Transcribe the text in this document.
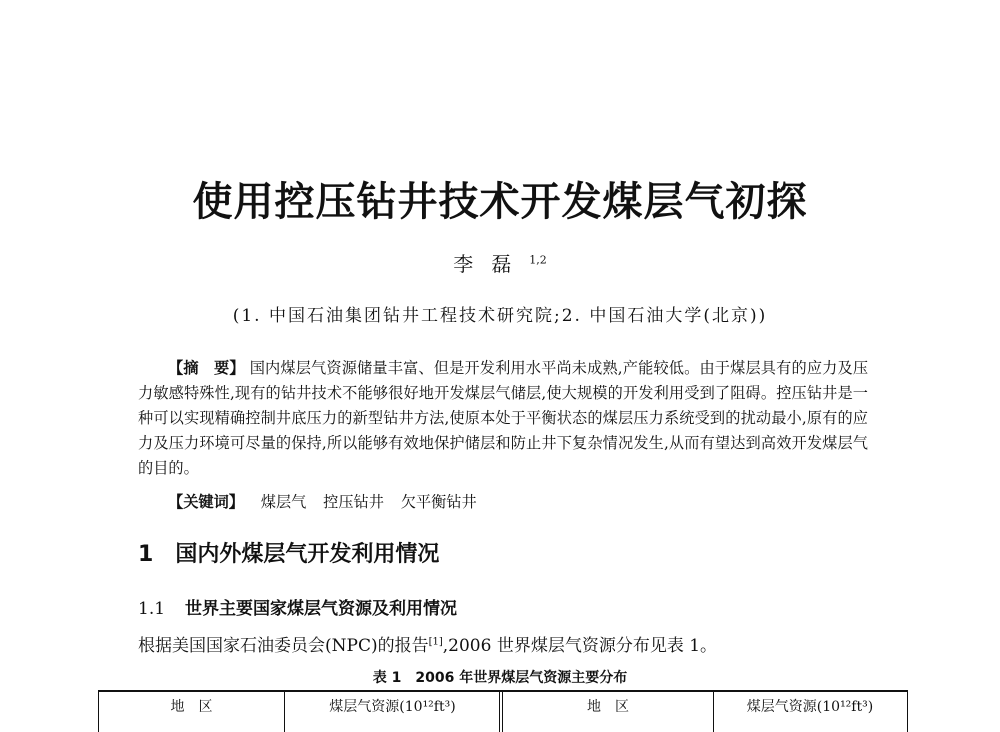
使用控压钻井技术开发煤层气初探
李磊$^{1,2}$
(1. 中国石油集团钻井工程技术研究院;2. 中国石油大学(北京))
【摘　要】 国内煤层气资源储量丰富、但是开发利用水平尚未成熟,产能较低。由于煤层具有的应力及压力敏感特殊性,现有的钻井技术不能够很好地开发煤层气储层,使大规模的开发利用受到了阻碍。控压钻井是一种可以实现精确控制井底压力的新型钻井方法,使原本处于平衡状态的煤层压力系统受到的扰动最小,原有的应力及压力环境可尽量的保持,所以能够有效地保护储层和防止井下复杂情况发生,从而有望达到高效开发煤层气的目的。
【关键词】 煤层气 控压钻井 欠平衡钻井
1 国内外煤层气开发利用情况
1.1 世界主要国家煤层气资源及利用情况
根据美国国家石油委员会(NPC)的报告[1],2006 世界煤层气资源分布见表 1。
表 1　2006 年世界煤层气资源主要分布
地　区	煤层气资源(10¹²ft³)	地　区	煤层气资源(10¹²ft³)
